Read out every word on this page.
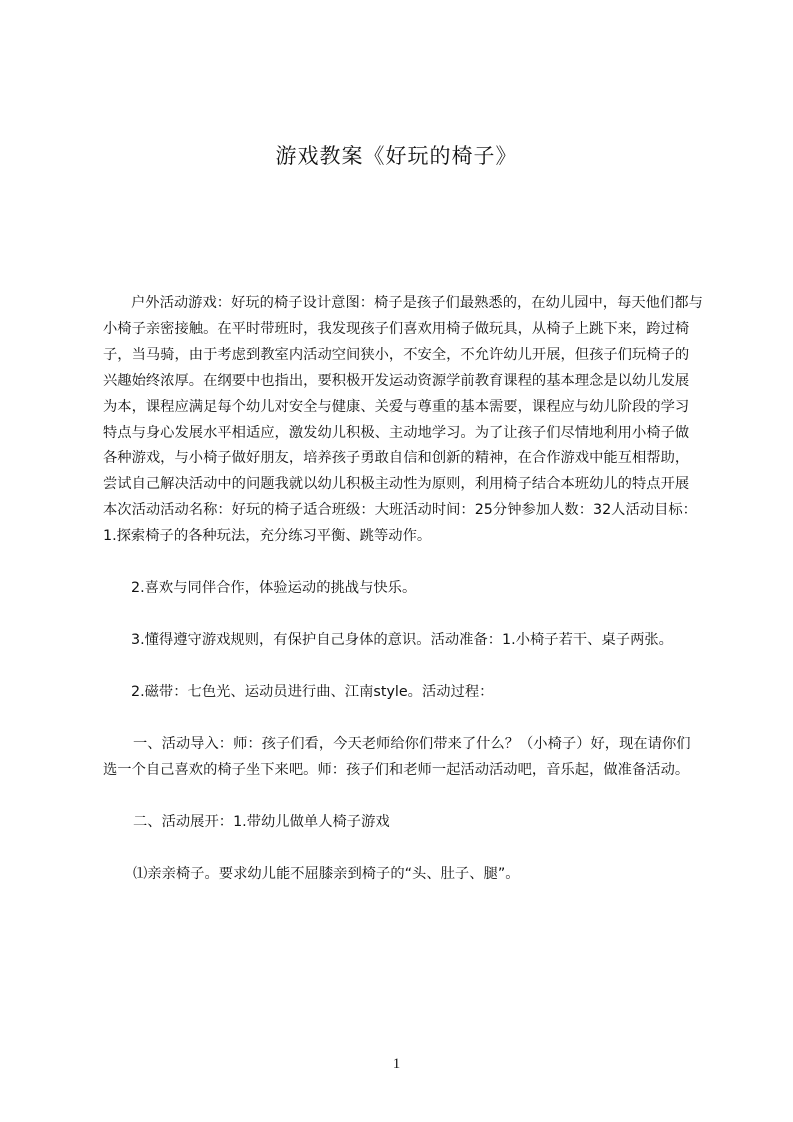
游戏教案《好玩的椅子》

户外活动游戏：好玩的椅子设计意图：椅子是孩子们最熟悉的，在幼儿园中，每天他们都与小椅子亲密接触。在平时带班时，我发现孩子们喜欢用椅子做玩具，从椅子上跳下来，跨过椅子，当马骑，由于考虑到教室内活动空间狭小，不安全，不允许幼儿开展，但孩子们玩椅子的兴趣始终浓厚。在纲要中也指出，要积极开发运动资源学前教育课程的基本理念是以幼儿发展为本，课程应满足每个幼儿对安全与健康、关爱与尊重的基本需要，课程应与幼儿阶段的学习特点与身心发展水平相适应，激发幼儿积极、主动地学习。为了让孩子们尽情地利用小椅子做各种游戏，与小椅子做好朋友，培养孩子勇敢自信和创新的精神，在合作游戏中能互相帮助，尝试自己解决活动中的问题我就以幼儿积极主动性为原则，利用椅子结合本班幼儿的特点开展本次活动活动名称：好玩的椅子适合班级：大班活动时间：25分钟参加人数：32人活动目标：1.探索椅子的各种玩法，充分练习平衡、跳等动作。

2.喜欢与同伴合作，体验运动的挑战与快乐。

3.懂得遵守游戏规则，有保护自己身体的意识。活动准备：1.小椅子若干、桌子两张。

2.磁带：七色光、运动员进行曲、江南style。活动过程：

一、活动导入：师：孩子们看，今天老师给你们带来了什么？（小椅子）好，现在请你们选一个自己喜欢的椅子坐下来吧。师：孩子们和老师一起活动活动吧，音乐起，做准备活动。

二、活动展开：1.带幼儿做单人椅子游戏

⑴亲亲椅子。要求幼儿能不屈膝亲到椅子的“头、肚子、腿”。

1
